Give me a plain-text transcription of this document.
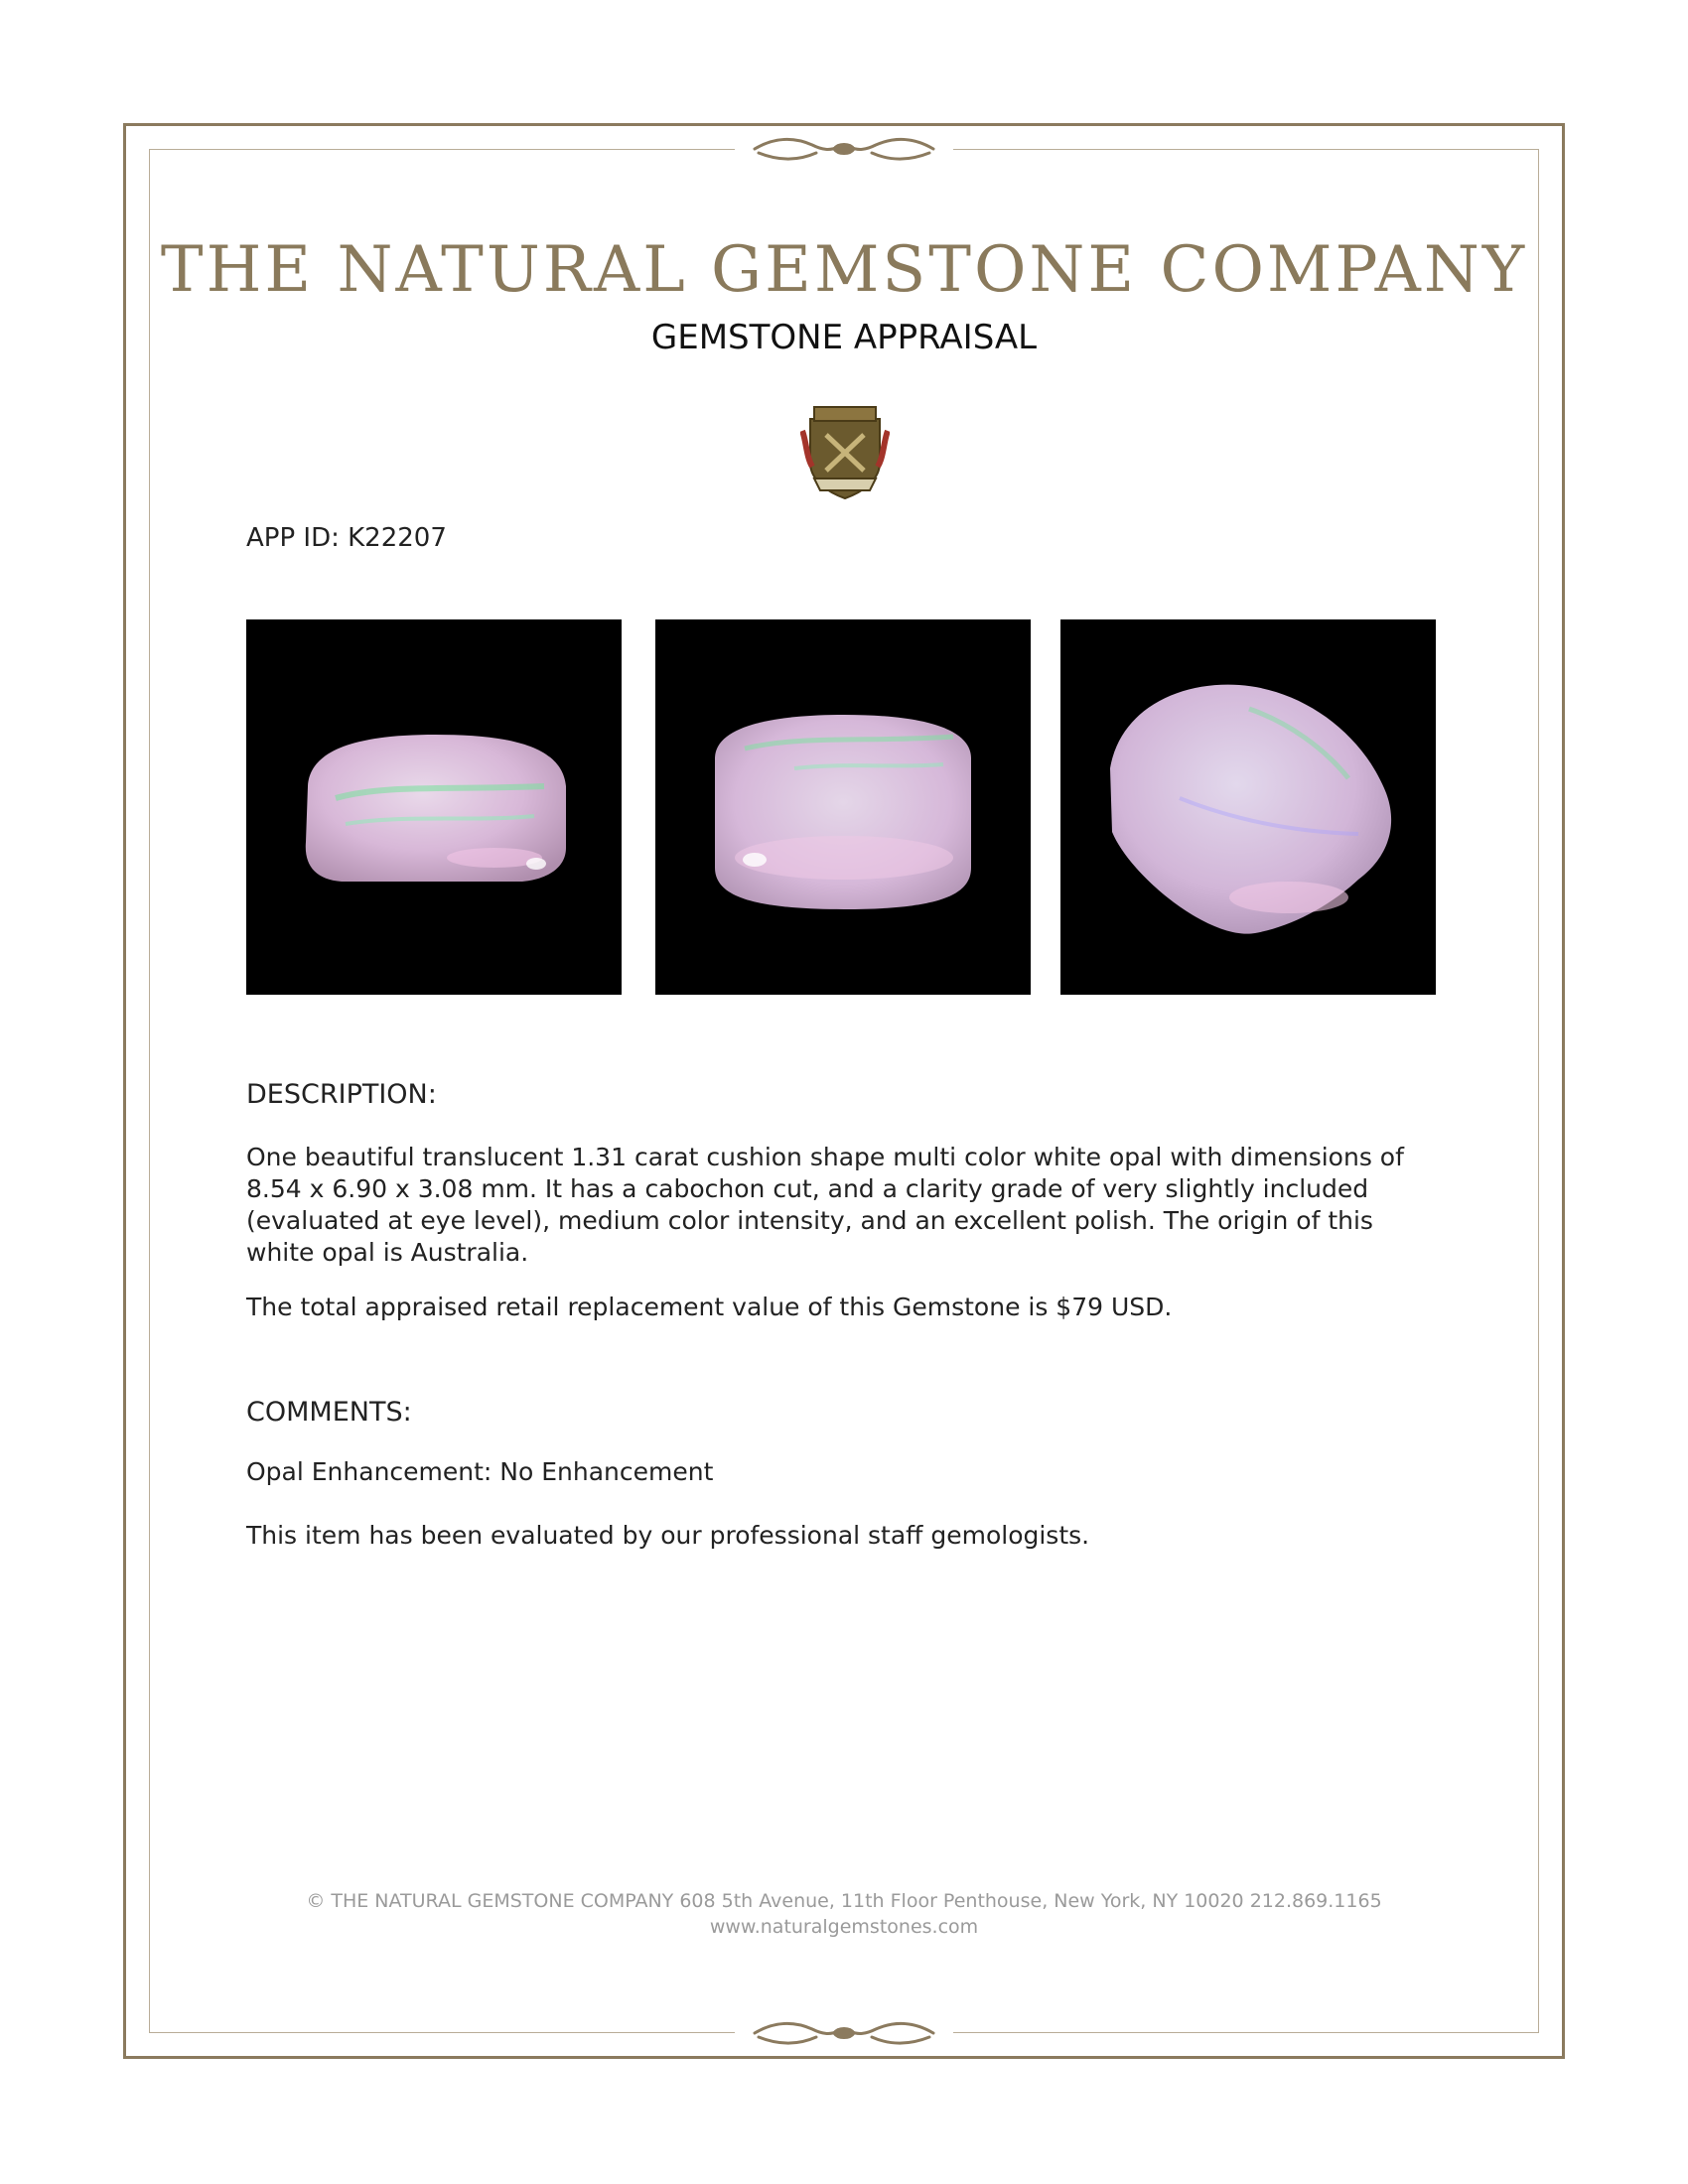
THE NATURAL GEMSTONE COMPANY
GEMSTONE APPRAISAL
APP ID: K22207
DESCRIPTION:
One beautiful translucent 1.31 carat cushion shape multi color white opal with dimensions of 8.54 x 6.90 x 3.08 mm. It has a cabochon cut, and a clarity grade of very slightly included (evaluated at eye level), medium color intensity, and an excellent polish. The origin of this white opal is Australia.
The total appraised retail replacement value of this Gemstone is $79 USD.
COMMENTS:
Opal Enhancement: No Enhancement
This item has been evaluated by our professional staff gemologists.
© THE NATURAL GEMSTONE COMPANY 608 5th Avenue, 11th Floor Penthouse, New York, NY 10020 212.869.1165
www.naturalgemstones.com
